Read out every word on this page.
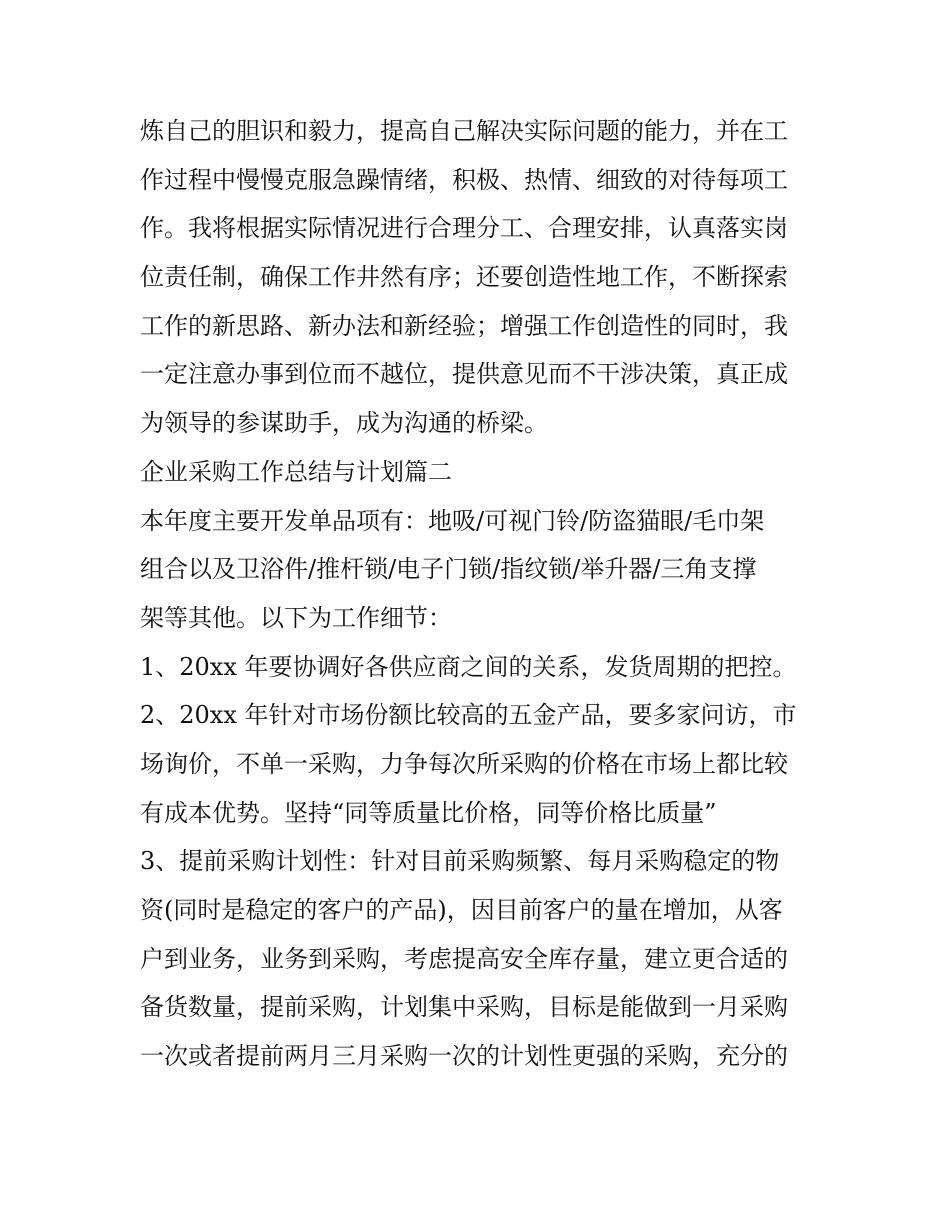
炼自己的胆识和毅力，提高自己解决实际问题的能力，并在工
作过程中慢慢克服急躁情绪，积极、热情、细致的对待每项工
作。我将根据实际情况进行合理分工、合理安排，认真落实岗
位责任制，确保工作井然有序；还要创造性地工作，不断探索
工作的新思路、新办法和新经验；增强工作创造性的同时，我
一定注意办事到位而不越位，提供意见而不干涉决策，真正成
为领导的参谋助手，成为沟通的桥梁。
企业采购工作总结与计划篇二
本年度主要开发单品项有：地吸/可视门铃/防盗猫眼/毛巾架
组合以及卫浴件/推杆锁/电子门锁/指纹锁/举升器/三角支撑
架等其他。以下为工作细节：
1、20xx 年要协调好各供应商之间的关系，发货周期的把控。
2、20xx 年针对市场份额比较高的五金产品，要多家问访，市
场询价，不单一采购，力争每次所采购的价格在市场上都比较
有成本优势。坚持“同等质量比价格，同等价格比质量”
3、提前采购计划性：针对目前采购频繁、每月采购稳定的物
资(同时是稳定的客户的产品)，因目前客户的量在增加，从客
户到业务，业务到采购，考虑提高安全库存量，建立更合适的
备货数量，提前采购，计划集中采购，目标是能做到一月采购
一次或者提前两月三月采购一次的计划性更强的采购，充分的
